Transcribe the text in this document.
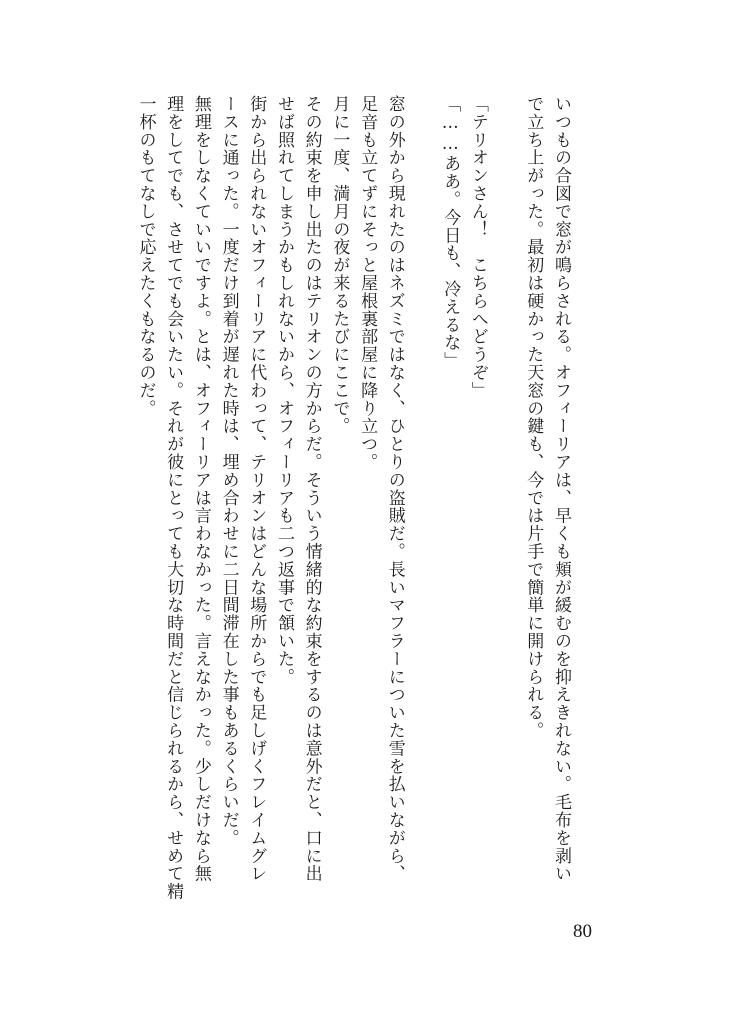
いつもの合図で窓が鳴らされる。オフィーリアは、早くも頬が緩むのを抑えきれない。毛布を剥い
で立ち上がった。最初は硬かった天窓の鍵も、今では片手で簡単に開けられる。
「テリオンさん！　こちらへどうぞ」
「……ああ。今日も、冷えるな」
窓の外から現れたのはネズミではなく、ひとりの盗賊だ。長いマフラーについた雪を払いながら、
足音も立てずにそっと屋根裏部屋に降り立つ。
月に一度、満月の夜が来るたびにここで。
その約束を申し出たのはテリオンの方からだ。そういう情緒的な約束をするのは意外だと、口に出
せば照れてしまうかもしれないから、オフィーリアも二つ返事で頷いた。
街から出られないオフィーリアに代わって、テリオンはどんな場所からでも足しげくフレイムグレ
ースに通った。一度だけ到着が遅れた時は、埋め合わせに二日間滞在した事もあるくらいだ。
無理をしなくていいですよ。とは、オフィーリアは言わなかった。言えなかった。少しだけなら無
理をしてでも、させてでも会いたい。それが彼にとっても大切な時間だと信じられるから、せめて精
一杯のもてなしで応えたくもなるのだ。
80
